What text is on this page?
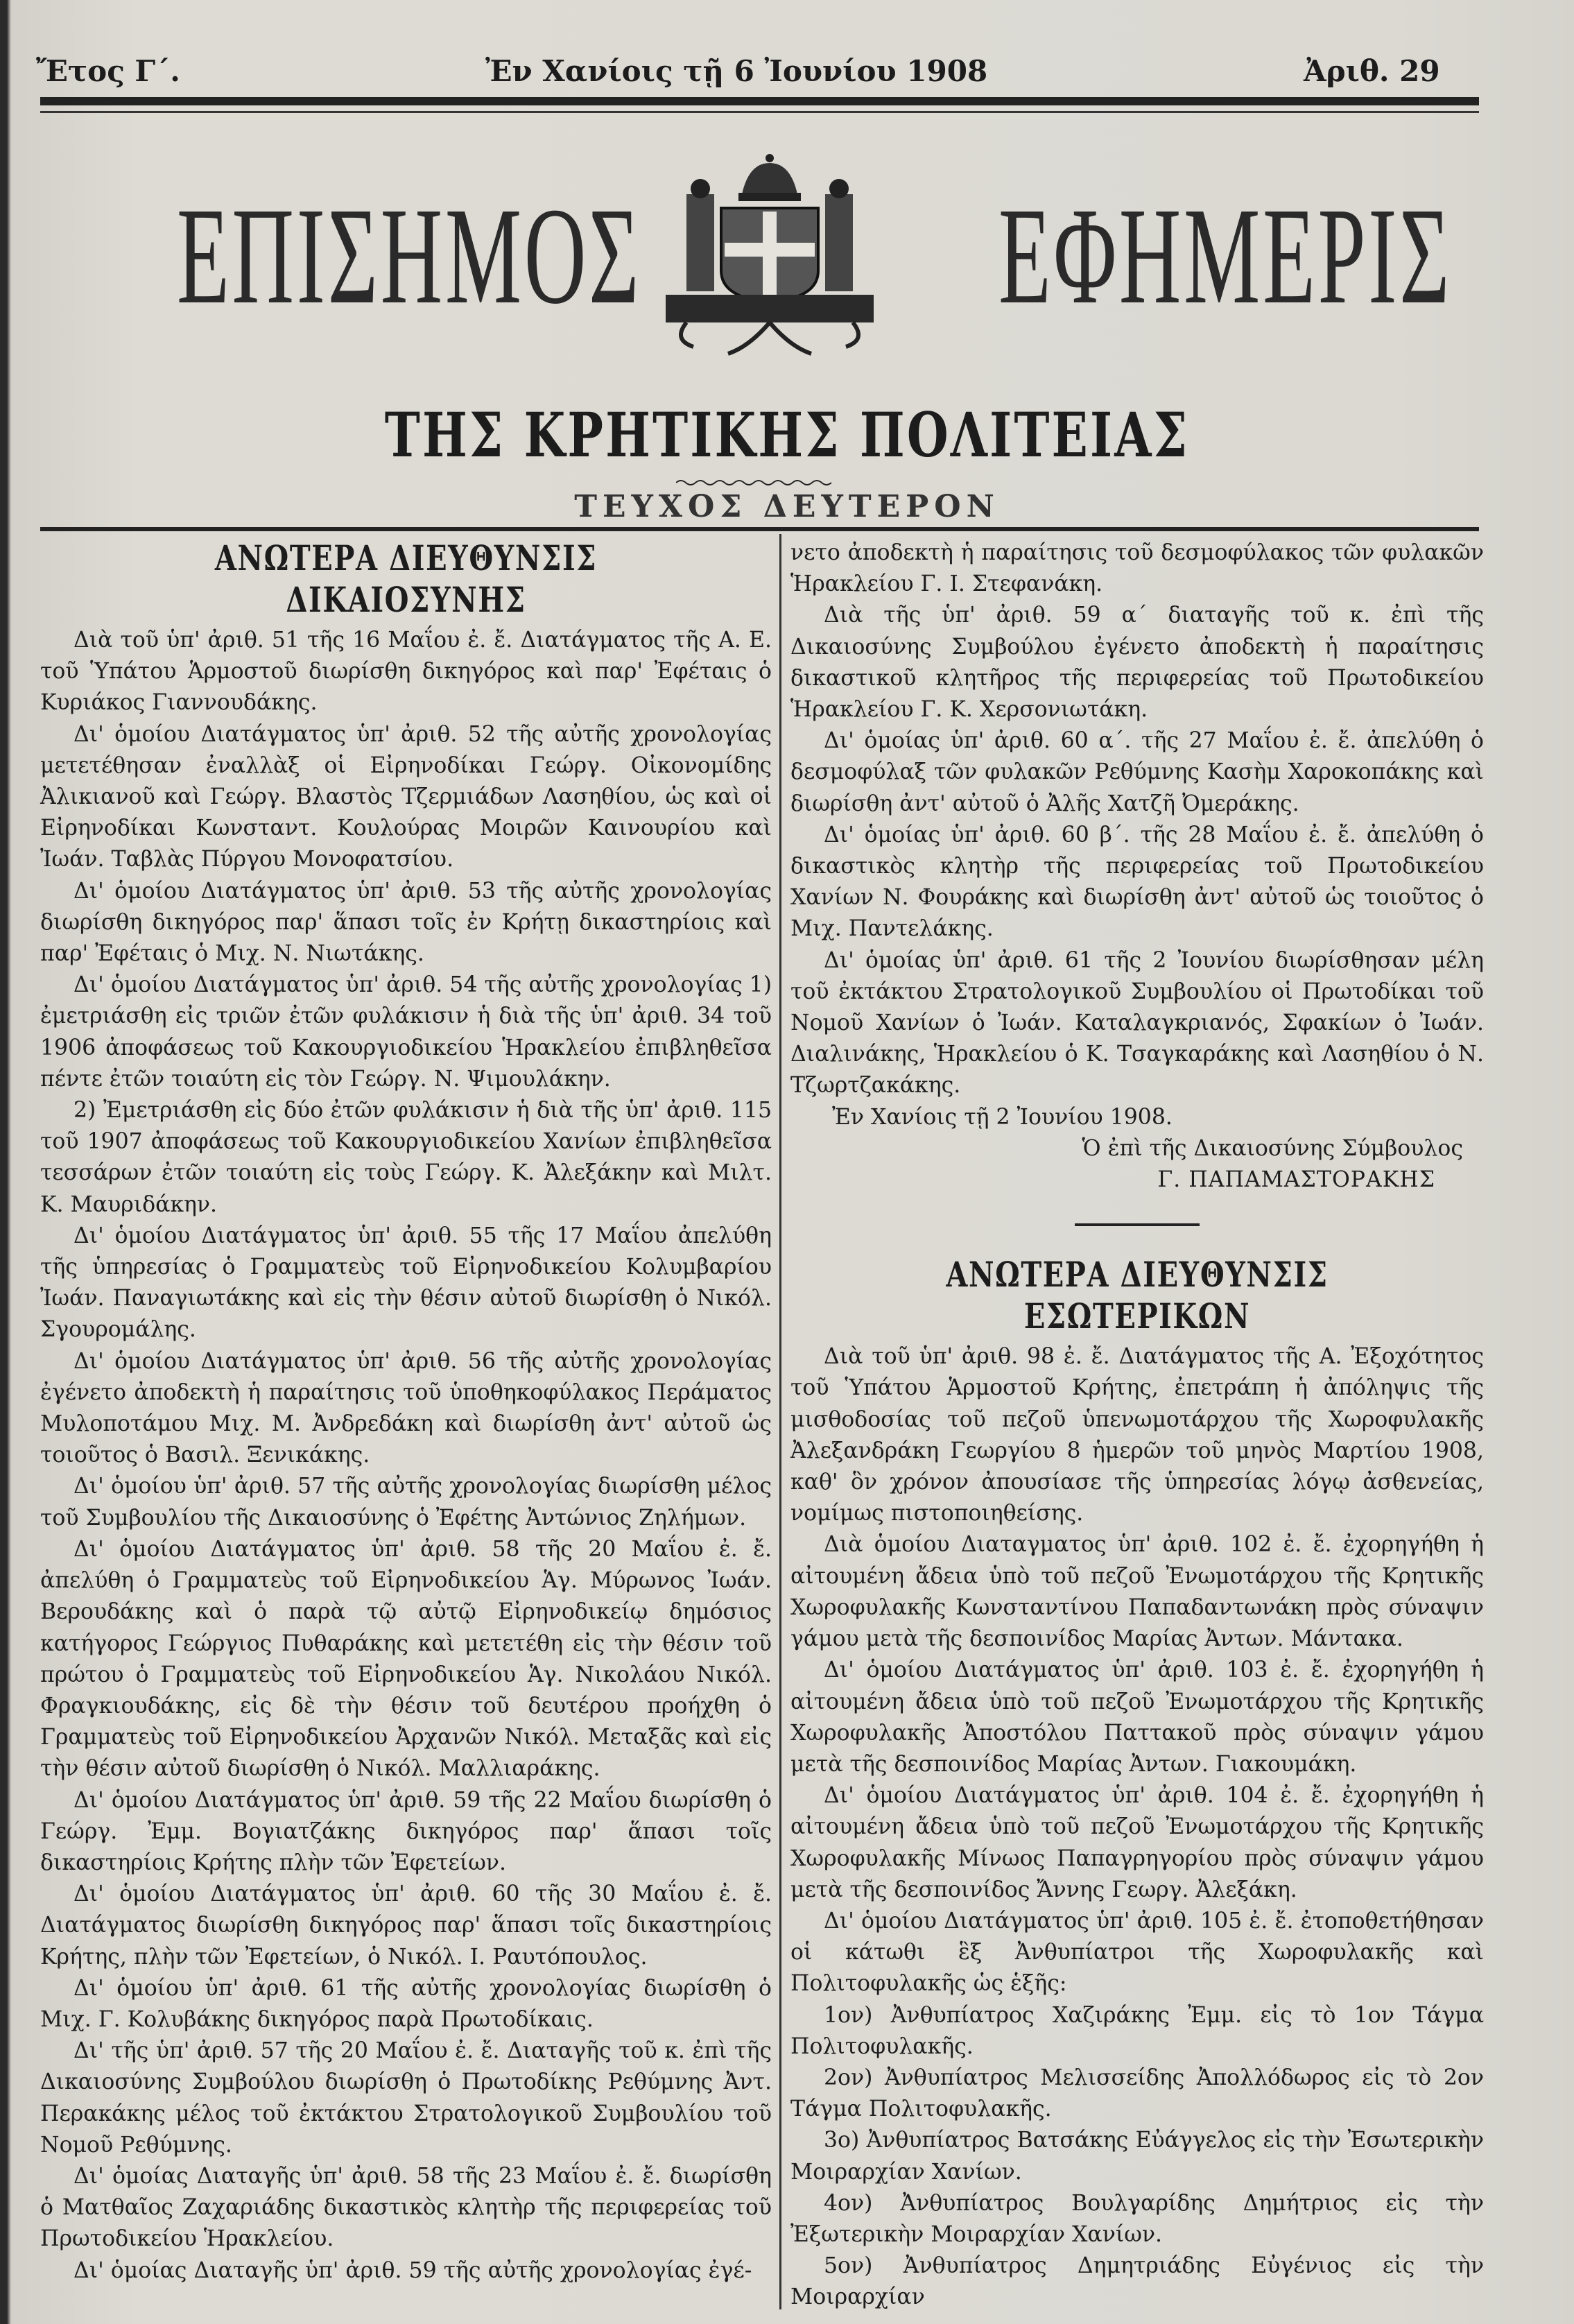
Ἔτος Γ΄.	Ἐν Χανίοις τῇ 6 Ἰουνίου 1908	Ἀριθ. 29
ΕΠΙΣΗΜΟΣ	ΕΦΗΜΕΡΙΣ
ΤΗΣ ΚΡΗΤΙΚΗΣ ΠΟΛΙΤΕΙΑΣ
ΤΕΥΧΟΣ ΔΕΥΤΕΡΟΝ
ΑΝΩΤΕΡΑ ΔΙΕΥΘΥΝΣΙΣ ΔΙΚΑΙΟΣΥΝΗΣ

Διὰ τοῦ ὑπ' ἀριθ. 51 τῆς 16 Μαΐου ἐ. ἔ. Διατάγματος τῆς Α. Ε. τοῦ Ὑπάτου Ἁρμοστοῦ διωρίσθη δικηγόρος καὶ παρ' Ἐφέταις ὁ Κυριάκος Γιαννουδάκης.

Δι' ὁμοίου Διατάγματος ὑπ' ἀριθ. 52 τῆς αὐτῆς χρονολογίας μετετέθησαν ἐναλλὰξ οἱ Εἰρηνοδίκαι Γεώργ. Οἰκονομίδης Ἀλικιανοῦ καὶ Γεώργ. Βλαστὸς Τζερμιάδων Λασηθίου, ὡς καὶ οἱ Εἰρηνοδίκαι Κωνσταντ. Κουλούρας Μοιρῶν Καινουρίου καὶ Ἰωάν. Ταβλὰς Πύργου Μονοφατσίου.

Δι' ὁμοίου Διατάγματος ὑπ' ἀριθ. 53 τῆς αὐτῆς χρονολογίας διωρίσθη δικηγόρος παρ' ἅπασι τοῖς ἐν Κρήτῃ δικαστηρίοις καὶ παρ' Ἐφέταις ὁ Μιχ. Ν. Νιωτάκης.

Δι' ὁμοίου Διατάγματος ὑπ' ἀριθ. 54 τῆς αὐτῆς χρονολογίας 1) ἐμετριάσθη εἰς τριῶν ἐτῶν φυλάκισιν ἡ διὰ τῆς ὑπ' ἀριθ. 34 τοῦ 1906 ἀποφάσεως τοῦ Κακουργιοδικείου Ἡρακλείου ἐπιβληθεῖσα πέντε ἐτῶν τοιαύτη εἰς τὸν Γεώργ. Ν. Ψιμουλάκην.

2) Ἐμετριάσθη εἰς δύο ἐτῶν φυλάκισιν ἡ διὰ τῆς ὑπ' ἀριθ. 115 τοῦ 1907 ἀποφάσεως τοῦ Κακουργιοδικείου Χανίων ἐπιβληθεῖσα τεσσάρων ἐτῶν τοιαύτη εἰς τοὺς Γεώργ. Κ. Ἀλεξάκην καὶ Μιλτ. Κ. Μαυριδάκην.

Δι' ὁμοίου Διατάγματος ὑπ' ἀριθ. 55 τῆς 17 Μαΐου ἀπελύθη τῆς ὑπηρεσίας ὁ Γραμματεὺς τοῦ Εἰρηνοδικείου Κολυμβαρίου Ἰωάν. Παναγιωτάκης καὶ εἰς τὴν θέσιν αὐτοῦ διωρίσθη ὁ Νικόλ. Σγουρομάλης.

Δι' ὁμοίου Διατάγματος ὑπ' ἀριθ. 56 τῆς αὐτῆς χρονολογίας ἐγένετο ἀποδεκτὴ ἡ παραίτησις τοῦ ὑποθηκοφύλακος Περάματος Μυλοποτάμου Μιχ. Μ. Ἀνδρεδάκη καὶ διωρίσθη ἀντ' αὐτοῦ ὡς τοιοῦτος ὁ Βασιλ. Ξενικάκης.

Δι' ὁμοίου ὑπ' ἀριθ. 57 τῆς αὐτῆς χρονολογίας διωρίσθη μέλος τοῦ Συμβουλίου τῆς Δικαιοσύνης ὁ Ἐφέτης Ἀντώνιος Ζηλήμων.

Δι' ὁμοίου Διατάγματος ὑπ' ἀριθ. 58 τῆς 20 Μαΐου ἐ. ἔ. ἀπελύθη ὁ Γραμματεὺς τοῦ Εἰρηνοδικείου Ἁγ. Μύρωνος Ἰωάν. Βερουδάκης καὶ ὁ παρὰ τῷ αὐτῷ Εἰρηνοδικείῳ δημόσιος κατήγορος Γεώργιος Πυθαράκης καὶ μετετέθη εἰς τὴν θέσιν τοῦ πρώτου ὁ Γραμματεὺς τοῦ Εἰρηνοδικείου Ἁγ. Νικολάου Νικόλ. Φραγκιουδάκης, εἰς δὲ τὴν θέσιν τοῦ δευτέρου προήχθη ὁ Γραμματεὺς τοῦ Εἰρηνοδικείου Ἀρχανῶν Νικόλ. Μεταξᾶς καὶ εἰς τὴν θέσιν αὐτοῦ διωρίσθη ὁ Νικόλ. Μαλλιαράκης.

Δι' ὁμοίου Διατάγματος ὑπ' ἀριθ. 59 τῆς 22 Μαΐου διωρίσθη ὁ Γεώργ. Ἐμμ. Βογιατζάκης δικηγόρος παρ' ἅπασι τοῖς δικαστηρίοις Κρήτης πλὴν τῶν Ἐφετείων.

Δι' ὁμοίου Διατάγματος ὑπ' ἀριθ. 60 τῆς 30 Μαΐου ἐ. ἔ. Διατάγματος διωρίσθη δικηγόρος παρ' ἅπασι τοῖς δικαστηρίοις Κρήτης, πλὴν τῶν Ἐφετείων, ὁ Νικόλ. Ι. Ραυτόπουλος.

Δι' ὁμοίου ὑπ' ἀριθ. 61 τῆς αὐτῆς χρονολογίας διωρίσθη ὁ Μιχ. Γ. Κολυβάκης δικηγόρος παρὰ Πρωτοδίκαις.

Δι' τῆς ὑπ' ἀριθ. 57 τῆς 20 Μαΐου ἐ. ἔ. Διαταγῆς τοῦ κ. ἐπὶ τῆς Δικαιοσύνης Συμβούλου διωρίσθη ὁ Πρωτοδίκης Ρεθύμνης Ἀντ. Περακάκης μέλος τοῦ ἐκτάκτου Στρατολογικοῦ Συμβουλίου τοῦ Νομοῦ Ρεθύμνης.

Δι' ὁμοίας Διαταγῆς ὑπ' ἀριθ. 58 τῆς 23 Μαΐου ἐ. ἔ. διωρίσθη ὁ Ματθαῖος Ζαχαριάδης δικαστικὸς κλητὴρ τῆς περιφερείας τοῦ Πρωτοδικείου Ἡρακλείου.

Δι' ὁμοίας Διαταγῆς ὑπ' ἀριθ. 59 τῆς αὐτῆς χρονολογίας ἐγέ-

νετο ἀποδεκτὴ ἡ παραίτησις τοῦ δεσμοφύλακος τῶν φυλακῶν Ἡρακλείου Γ. Ι. Στεφανάκη.

Διὰ τῆς ὑπ' ἀριθ. 59 α΄ διαταγῆς τοῦ κ. ἐπὶ τῆς Δικαιοσύνης Συμβούλου ἐγένετο ἀποδεκτὴ ἡ παραίτησις δικαστικοῦ κλητῆρος τῆς περιφερείας τοῦ Πρωτοδικείου Ἡρακλείου Γ. Κ. Χερσονιωτάκη.

Δι' ὁμοίας ὑπ' ἀριθ. 60 α΄. τῆς 27 Μαΐου ἐ. ἔ. ἀπελύθη ὁ δεσμοφύλαξ τῶν φυλακῶν Ρεθύμνης Κασὴμ Χαροκοπάκης καὶ διωρίσθη ἀντ' αὐτοῦ ὁ Ἀλῆς Χατζῆ Ὀμεράκης.

Δι' ὁμοίας ὑπ' ἀριθ. 60 β΄. τῆς 28 Μαΐου ἐ. ἔ. ἀπελύθη ὁ δικαστικὸς κλητὴρ τῆς περιφερείας τοῦ Πρωτοδικείου Χανίων Ν. Φουράκης καὶ διωρίσθη ἀντ' αὐτοῦ ὡς τοιοῦτος ὁ Μιχ. Παντελάκης.

Δι' ὁμοίας ὑπ' ἀριθ. 61 τῆς 2 Ἰουνίου διωρίσθησαν μέλη τοῦ ἐκτάκτου Στρατολογικοῦ Συμβουλίου οἱ Πρωτοδίκαι τοῦ Νομοῦ Χανίων ὁ Ἰωάν. Καταλαγκριανός, Σφακίων ὁ Ἰωάν. Διαλινάκης, Ἡρακλείου ὁ Κ. Τσαγκαράκης καὶ Λασηθίου ὁ Ν. Τζωρτζακάκης.

Ἐν Χανίοις τῇ 2 Ἰουνίου 1908.

Ὁ ἐπὶ τῆς Δικαιοσύνης Σύμβουλος

Γ. ΠΑΠΑΜΑΣΤΟΡΑΚΗΣ

ΑΝΩΤΕΡΑ ΔΙΕΥΘΥΝΣΙΣ ΕΣΩΤΕΡΙΚΩΝ

Διὰ τοῦ ὑπ' ἀριθ. 98 ἐ. ἔ. Διατάγματος τῆς Α. Ἐξοχότητος τοῦ Ὑπάτου Ἁρμοστοῦ Κρήτης, ἐπετράπη ἡ ἀπόληψις τῆς μισθοδοσίας τοῦ πεζοῦ ὑπενωμοτάρχου τῆς Χωροφυλακῆς Ἀλεξανδράκη Γεωργίου 8 ἡμερῶν τοῦ μηνὸς Μαρτίου 1908, καθ' ὃν χρόνον ἀπουσίασε τῆς ὑπηρεσίας λόγῳ ἀσθενείας, νομίμως πιστοποιηθείσης.

Διὰ ὁμοίου Διαταγματος ὑπ' ἀριθ. 102 ἐ. ἔ. ἐχορηγήθη ἡ αἰτουμένη ἄδεια ὑπὸ τοῦ πεζοῦ Ἐνωμοτάρχου τῆς Κρητικῆς Χωροφυλακῆς Κωνσταντίνου Παπαδαντωνάκη πρὸς σύναψιν γάμου μετὰ τῆς δεσποινίδος Μαρίας Ἀντων. Μάντακα.

Δι' ὁμοίου Διατάγματος ὑπ' ἀριθ. 103 ἐ. ἔ. ἐχορηγήθη ἡ αἰτουμένη ἄδεια ὑπὸ τοῦ πεζοῦ Ἐνωμοτάρχου τῆς Κρητικῆς Χωροφυλακῆς Ἀποστόλου Παττακοῦ πρὸς σύναψιν γάμου μετὰ τῆς δεσποινίδος Μαρίας Ἀντων. Γιακουμάκη.

Δι' ὁμοίου Διατάγματος ὑπ' ἀριθ. 104 ἐ. ἔ. ἐχορηγήθη ἡ αἰτουμένη ἄδεια ὑπὸ τοῦ πεζοῦ Ἐνωμοτάρχου τῆς Κρητικῆς Χωροφυλακῆς Μίνωος Παπαγρηγορίου πρὸς σύναψιν γάμου μετὰ τῆς δεσποινίδος Ἄννης Γεωργ. Ἀλεξάκη.

Δι' ὁμοίου Διατάγματος ὑπ' ἀριθ. 105 ἐ. ἔ. ἐτοποθετήθησαν οἱ κάτωθι ἓξ Ἀνθυπίατροι τῆς Χωροφυλακῆς καὶ Πολιτοφυλακῆς ὡς ἑξῆς:

1ον) Ἀνθυπίατρος Χαζιράκης Ἐμμ. εἰς τὸ 1ον Τάγμα Πολιτοφυλακῆς.

2ον) Ἀνθυπίατρος Μελισσείδης Ἀπολλόδωρος εἰς τὸ 2ον Τάγμα Πολιτοφυλακῆς.

3ο) Ἀνθυπίατρος Βατσάκης Εὐάγγελος εἰς τὴν Ἐσωτερικὴν Μοιραρχίαν Χανίων.

4ον) Ἀνθυπίατρος Βουλγαρίδης Δημήτριος εἰς τὴν Ἐξωτερικὴν Μοιραρχίαν Χανίων.

5ον) Ἀνθυπίατρος Δημητριάδης Εὐγένιος εἰς τὴν Μοιραρχίαν
